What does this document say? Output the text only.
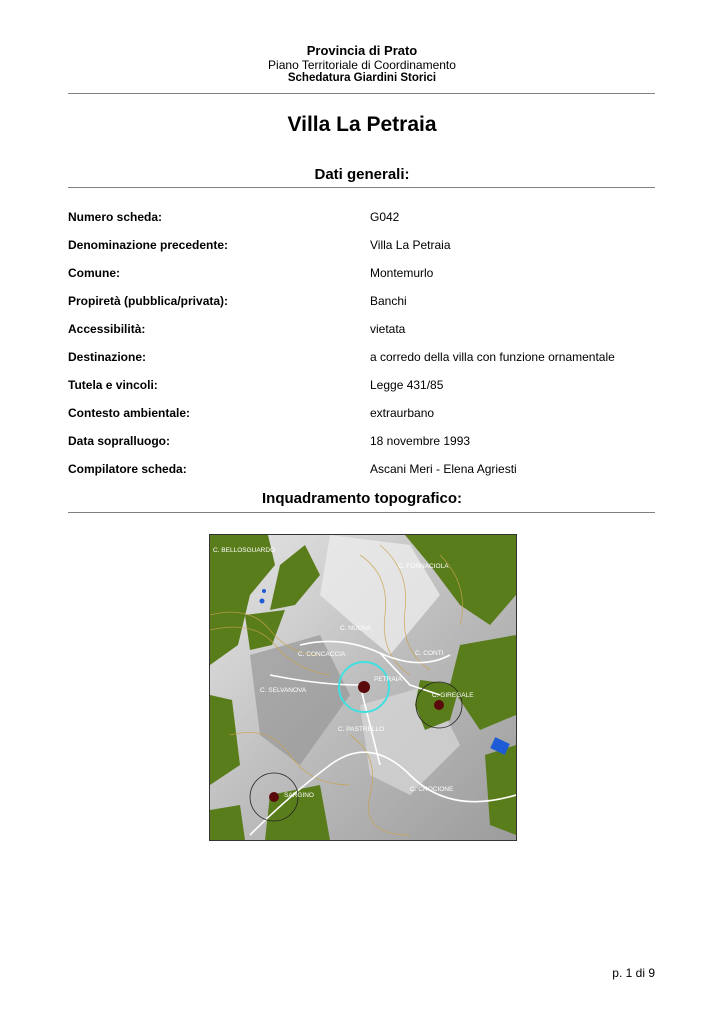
Provincia di Prato
Piano Territoriale di Coordinamento
Schedatura Giardini Storici
Villa La Petraia
Dati generali:
Numero scheda:	G042
Denominazione precedente:	Villa La Petraia
Comune:	Montemurlo
Propiretà (pubblica/privata):	Banchi
Accessibilità:	vietata
Destinazione:	a corredo della villa con funzione ornamentale
Tutela e vincoli:	Legge 431/85
Contesto ambientale:	extraurbano
Data sopralluogo:	18 novembre 1993
Compilatore scheda:	Ascani Meri - Elena Agriesti
Inquadramento topografico:
C. BELLOSGUARDO
C. FORNACIOLA
C. NUOVA
C. CONCACCIA	C. CONTI
PETRAIA
C. SELVANOVA
C. PASTRELLO
C. GIREGALE
SARGINO
C. CROCIONE
p. 1 di 9
